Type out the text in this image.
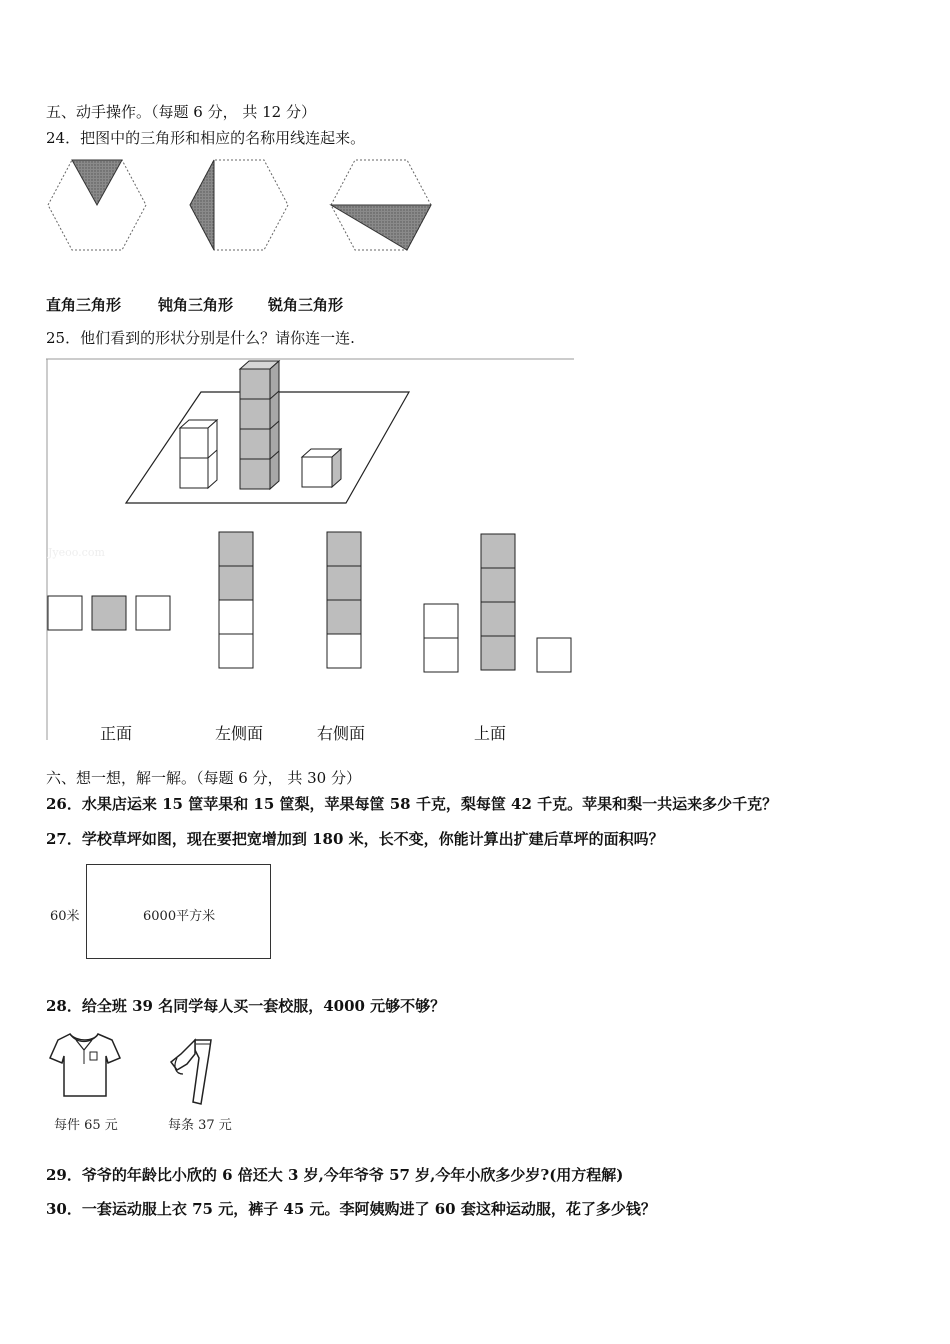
五、动手操作。（每题 6 分， 共 12 分）
24．把图中的三角形和相应的名称用线连起来。
直角三角形 钝角三角形 锐角三角形
25．他们看到的形状分别是什么？请你连一连.
Jyeoo.com
正面	左侧面	右侧面	上面
六、想一想，解一解。（每题 6 分， 共 30 分）
26．水果店运来 15 筐苹果和 15 筐梨，苹果每筐 58 千克，梨每筐 42 千克。苹果和梨一共运来多少千克？
27．学校草坪如图，现在要把宽增加到 180 米，长不变，你能计算出扩建后草坪的面积吗？
60米	6000平方米
28．给全班 39 名同学每人买一套校服，4000 元够不够？
每件 65 元	每条 37 元
29．爷爷的年龄比小欣的 6 倍还大 3 岁,今年爷爷 57 岁,今年小欣多少岁?(用方程解)
30．一套运动服上衣 75 元，裤子 45 元。李阿姨购进了 60 套这种运动服，花了多少钱？
